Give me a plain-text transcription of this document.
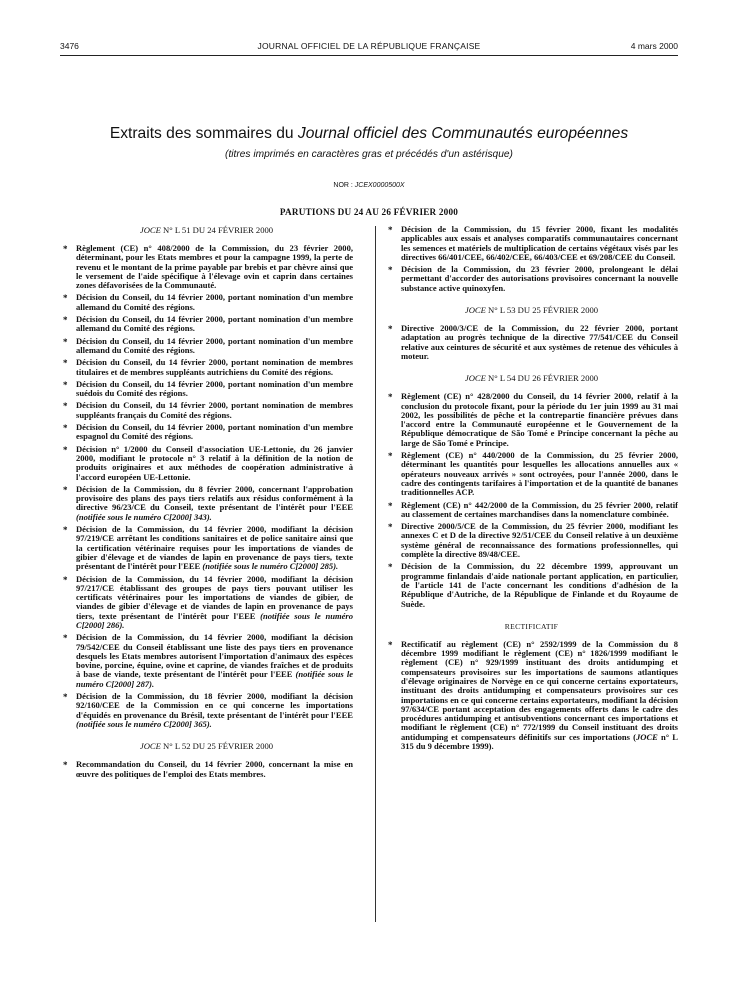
3476	JOURNAL OFFICIEL DE LA RÉPUBLIQUE FRANÇAISE	4 mars 2000
Extraits des sommaires du Journal officiel des Communautés européennes
(titres imprimés en caractères gras et précédés d'un astérisque)
NOR : JCEX0000500X
PARUTIONS DU 24 AU 26 FÉVRIER 2000
JOCE N° L 51 DU 24 FÉVRIER 2000
* Règlement (CE) n° 408/2000 de la Commission, du 23 février 2000, déterminant, pour les Etats membres et pour la campagne 1999, la perte de revenu et le montant de la prime payable par brebis et par chèvre ainsi que le versement de l'aide spécifique à l'élevage ovin et caprin dans certaines zones défavorisées de la Communauté.
* Décision du Conseil, du 14 février 2000, portant nomination d'un membre allemand du Comité des régions.
* Décision du Conseil, du 14 février 2000, portant nomination d'un membre allemand du Comité des régions.
* Décision du Conseil, du 14 février 2000, portant nomination d'un membre allemand du Comité des régions.
* Décision du Conseil, du 14 février 2000, portant nomination de membres titulaires et de membres suppléants autrichiens du Comité des régions.
* Décision du Conseil, du 14 février 2000, portant nomination d'un membre suédois du Comité des régions.
* Décision du Conseil, du 14 février 2000, portant nomination de membres suppléants français du Comité des régions.
* Décision du Conseil, du 14 février 2000, portant nomination d'un membre espagnol du Comité des régions.
* Décision n° 1/2000 du Conseil d'association UE-Lettonie, du 26 janvier 2000, modifiant le protocole n° 3 relatif à la définition de la notion de produits originaires et aux méthodes de coopération administrative à l'accord européen UE-Lettonie.
* Décision de la Commission, du 8 février 2000, concernant l'approbation provisoire des plans des pays tiers relatifs aux résidus conformément à la directive 96/23/CE du Conseil, texte présentant de l'intérêt pour l'EEE (notifiée sous le numéro C[2000] 343).
* Décision de la Commission, du 14 février 2000, modifiant la décision 97/219/CE arrêtant les conditions sanitaires et de police sanitaire ainsi que la certification vétérinaire requises pour les importations de viandes de gibier d'élevage et de viandes de lapin en provenance de pays tiers, texte présentant de l'intérêt pour l'EEE (notifiée sous le numéro C[2000] 285).
* Décision de la Commission, du 14 février 2000, modifiant la décision 97/217/CE établissant des groupes de pays tiers pouvant utiliser les certificats vétérinaires pour les importations de viandes de gibier, de viandes de gibier d'élevage et de viandes de lapin en provenance de pays tiers, texte présentant de l'intérêt pour l'EEE (notifiée sous le numéro C[2000] 286).
* Décision de la Commission, du 14 février 2000, modifiant la décision 79/542/CEE du Conseil établissant une liste des pays tiers en provenance desquels les Etats membres autorisent l'importation d'animaux des espèces bovine, porcine, équine, ovine et caprine, de viandes fraîches et de produits à base de viande, texte présentant de l'intérêt pour l'EEE (notifiée sous le numéro C[2000] 287).
* Décision de la Commission, du 18 février 2000, modifiant la décision 92/160/CEE de la Commission en ce qui concerne les importations d'équidés en provenance du Brésil, texte présentant de l'intérêt pour l'EEE (notifiée sous le numéro C[2000] 365).
JOCE N° L 52 DU 25 FÉVRIER 2000
* Recommandation du Conseil, du 14 février 2000, concernant la mise en œuvre des politiques de l'emploi des Etats membres.
* Décision de la Commission, du 15 février 2000, fixant les modalités applicables aux essais et analyses comparatifs communautaires concernant les semences et matériels de multiplication de certains végétaux visés par les directives 66/401/CEE, 66/402/CEE, 66/403/CEE et 69/208/CEE du Conseil.
* Décision de la Commission, du 23 février 2000, prolongeant le délai permettant d'accorder des autorisations provisoires concernant la nouvelle substance active quinoxyfen.
JOCE N° L 53 DU 25 FÉVRIER 2000
* Directive 2000/3/CE de la Commission, du 22 février 2000, portant adaptation au progrès technique de la directive 77/541/CEE du Conseil relative aux ceintures de sécurité et aux systèmes de retenue des véhicules à moteur.
JOCE N° L 54 DU 26 FÉVRIER 2000
* Règlement (CE) n° 428/2000 du Conseil, du 14 février 2000, relatif à la conclusion du protocole fixant, pour la période du 1er juin 1999 au 31 mai 2002, les possibilités de pêche et la contrepartie financière prévues dans l'accord entre la Communauté européenne et le Gouvernement de la République démocratique de São Tomé e Príncipe concernant la pêche au large de São Tomé e Príncipe.
* Règlement (CE) n° 440/2000 de la Commission, du 25 février 2000, déterminant les quantités pour lesquelles les allocations annuelles aux « opérateurs nouveaux arrivés » sont octroyées, pour l'année 2000, dans le cadre des contingents tarifaires à l'importation et de la quantité de bananes traditionnelles ACP.
* Règlement (CE) n° 442/2000 de la Commission, du 25 février 2000, relatif au classement de certaines marchandises dans la nomenclature combinée.
* Directive 2000/5/CE de la Commission, du 25 février 2000, modifiant les annexes C et D de la directive 92/51/CEE du Conseil relative à un deuxième système général de reconnaissance des formations professionnelles, qui complète la directive 89/48/CEE.
* Décision de la Commission, du 22 décembre 1999, approuvant un programme finlandais d'aide nationale portant application, en particulier, de l'article 141 de l'acte concernant les conditions d'adhésion de la République d'Autriche, de la République de Finlande et du Royaume de Suède.
RECTIFICATIF
* Rectificatif au règlement (CE) n° 2592/1999 de la Commission du 8 décembre 1999 modifiant le règlement (CE) n° 1826/1999 modifiant le règlement (CE) n° 929/1999 instituant des droits antidumping et compensateurs provisoires sur les importations de saumons atlantiques d'élevage originaires de Norvège en ce qui concerne certains exportateurs, instituant des droits antidumping et compensateurs provisoires sur ces importations en ce qui concerne certains exportateurs, modifiant la décision 97/634/CE portant acceptation des engagements offerts dans le cadre des procédures antidumping et antisubventions concernant ces importations et modifiant le règlement (CE) n° 772/1999 du Conseil instituant des droits antidumping et compensateurs définitifs sur ces importations (JOCE n° L 315 du 9 décembre 1999).
